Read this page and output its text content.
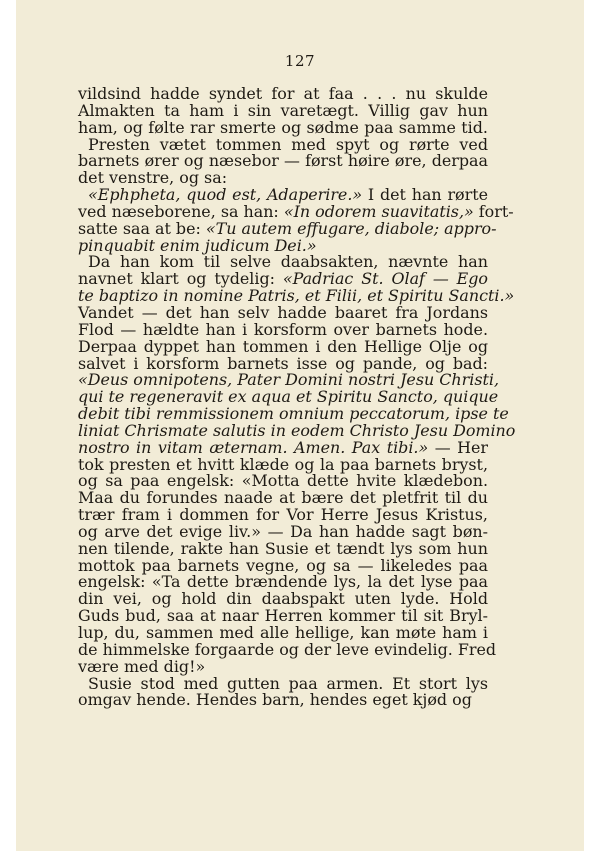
127
vildsind hadde syndet for at faa . . . nu skulde
Almakten ta ham i sin varetægt. Villig gav hun
ham, og følte rar smerte og sødme paa samme tid.
Presten vætet tommen med spyt og rørte ved
barnets ører og næsebor — først høire øre, derpaa
det venstre, og sa:
«Ephpheta, quod est, Adaperire.» I det han rørte
ved næseborene, sa han: «In odorem suavitatis,» fort-
satte saa at be: «Tu autem effugare, diabole; appro-
pinquabit enim judicum Dei.»
Da han kom til selve daabsakten, nævnte han
navnet klart og tydelig: «Padriac St. Olaf — Ego
te baptizo in nomine Patris, et Filii, et Spiritu Sancti.»
Vandet — det han selv hadde baaret fra Jordans
Flod — hældte han i korsform over barnets hode.
Derpaa dyppet han tommen i den Hellige Olje og
salvet i korsform barnets isse og pande, og bad:
«Deus omnipotens, Pater Domini nostri Jesu Christi,
qui te regeneravit ex aqua et Spiritu Sancto, quique
debit tibi remmissionem omnium peccatorum, ipse te
liniat Chrismate salutis in eodem Christo Jesu Domino
nostro in vitam æternam. Amen. Pax tibi.» — Her
tok presten et hvitt klæde og la paa barnets bryst,
og sa paa engelsk: «Motta dette hvite klædebon.
Maa du forundes naade at bære det pletfrit til du
trær fram i dommen for Vor Herre Jesus Kristus,
og arve det evige liv.» — Da han hadde sagt bøn-
nen tilende, rakte han Susie et tændt lys som hun
mottok paa barnets vegne, og sa — likeledes paa
engelsk: «Ta dette brændende lys, la det lyse paa
din vei, og hold din daabspakt uten lyde. Hold
Guds bud, saa at naar Herren kommer til sit Bryl-
lup, du, sammen med alle hellige, kan møte ham i
de himmelske forgaarde og der leve evindelig. Fred
være med dig!»
Susie stod med gutten paa armen. Et stort lys
omgav hende. Hendes barn, hendes eget kjød og
